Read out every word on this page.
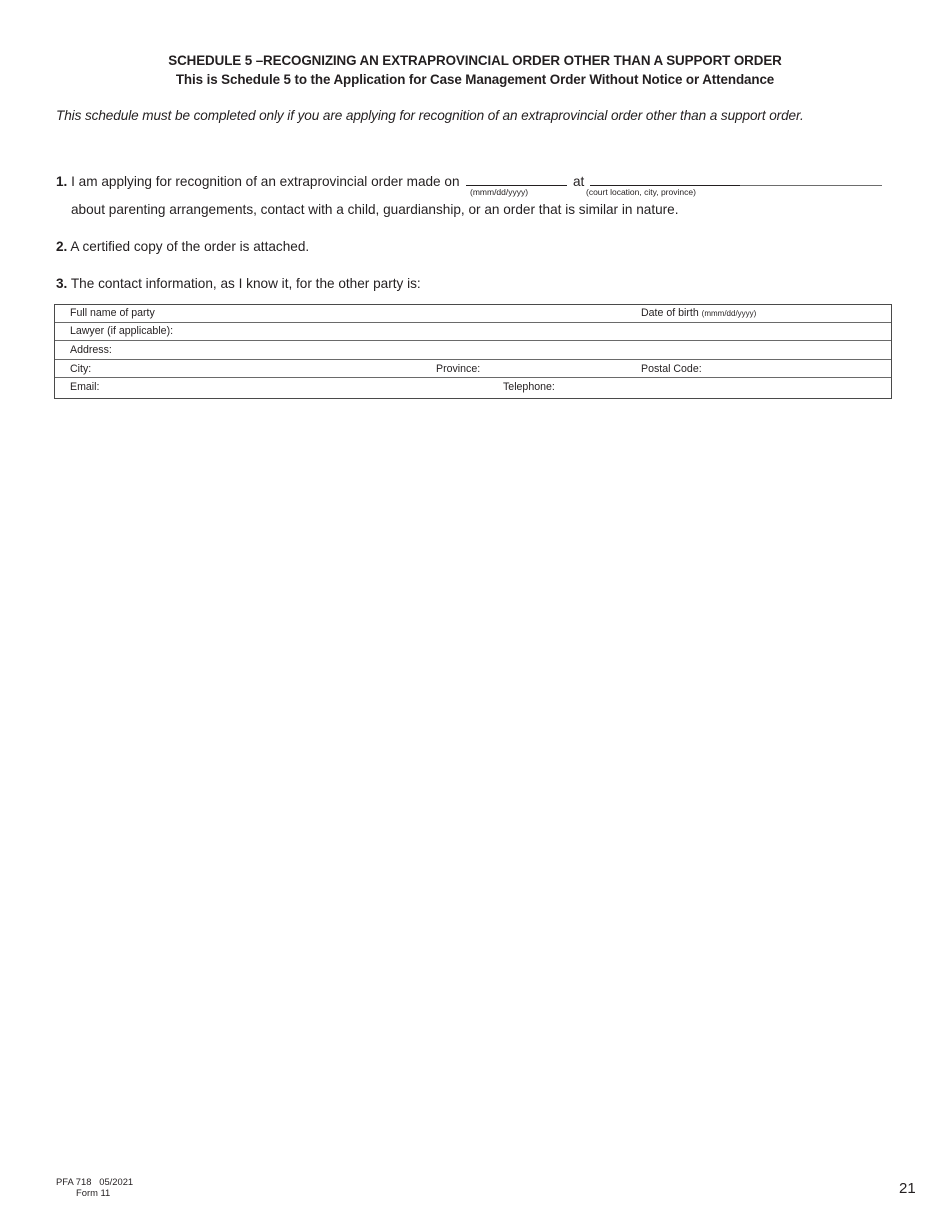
SCHEDULE 5 –RECOGNIZING AN EXTRAPROVINCIAL ORDER OTHER THAN A SUPPORT ORDER
This is Schedule 5 to the Application for Case Management Order Without Notice or Attendance
This schedule must be completed only if you are applying for recognition of an extraprovincial order other than a support order.
1. I am applying for recognition of an extraprovincial order made on
(mmm/dd/yyyy)
at
(court location, city, province)
about parenting arrangements, contact with a child, guardianship, or an order that is similar in nature.
2. A certified copy of the order is attached.
3. The contact information, as I know it, for the other party is:
Full name of party	Date of birth (mmm/dd/yyyy)
Lawyer (if applicable):
Address:
City:	Province:	Postal Code:
Email:	Telephone:
PFA 718   05/2021
Form 11	21
